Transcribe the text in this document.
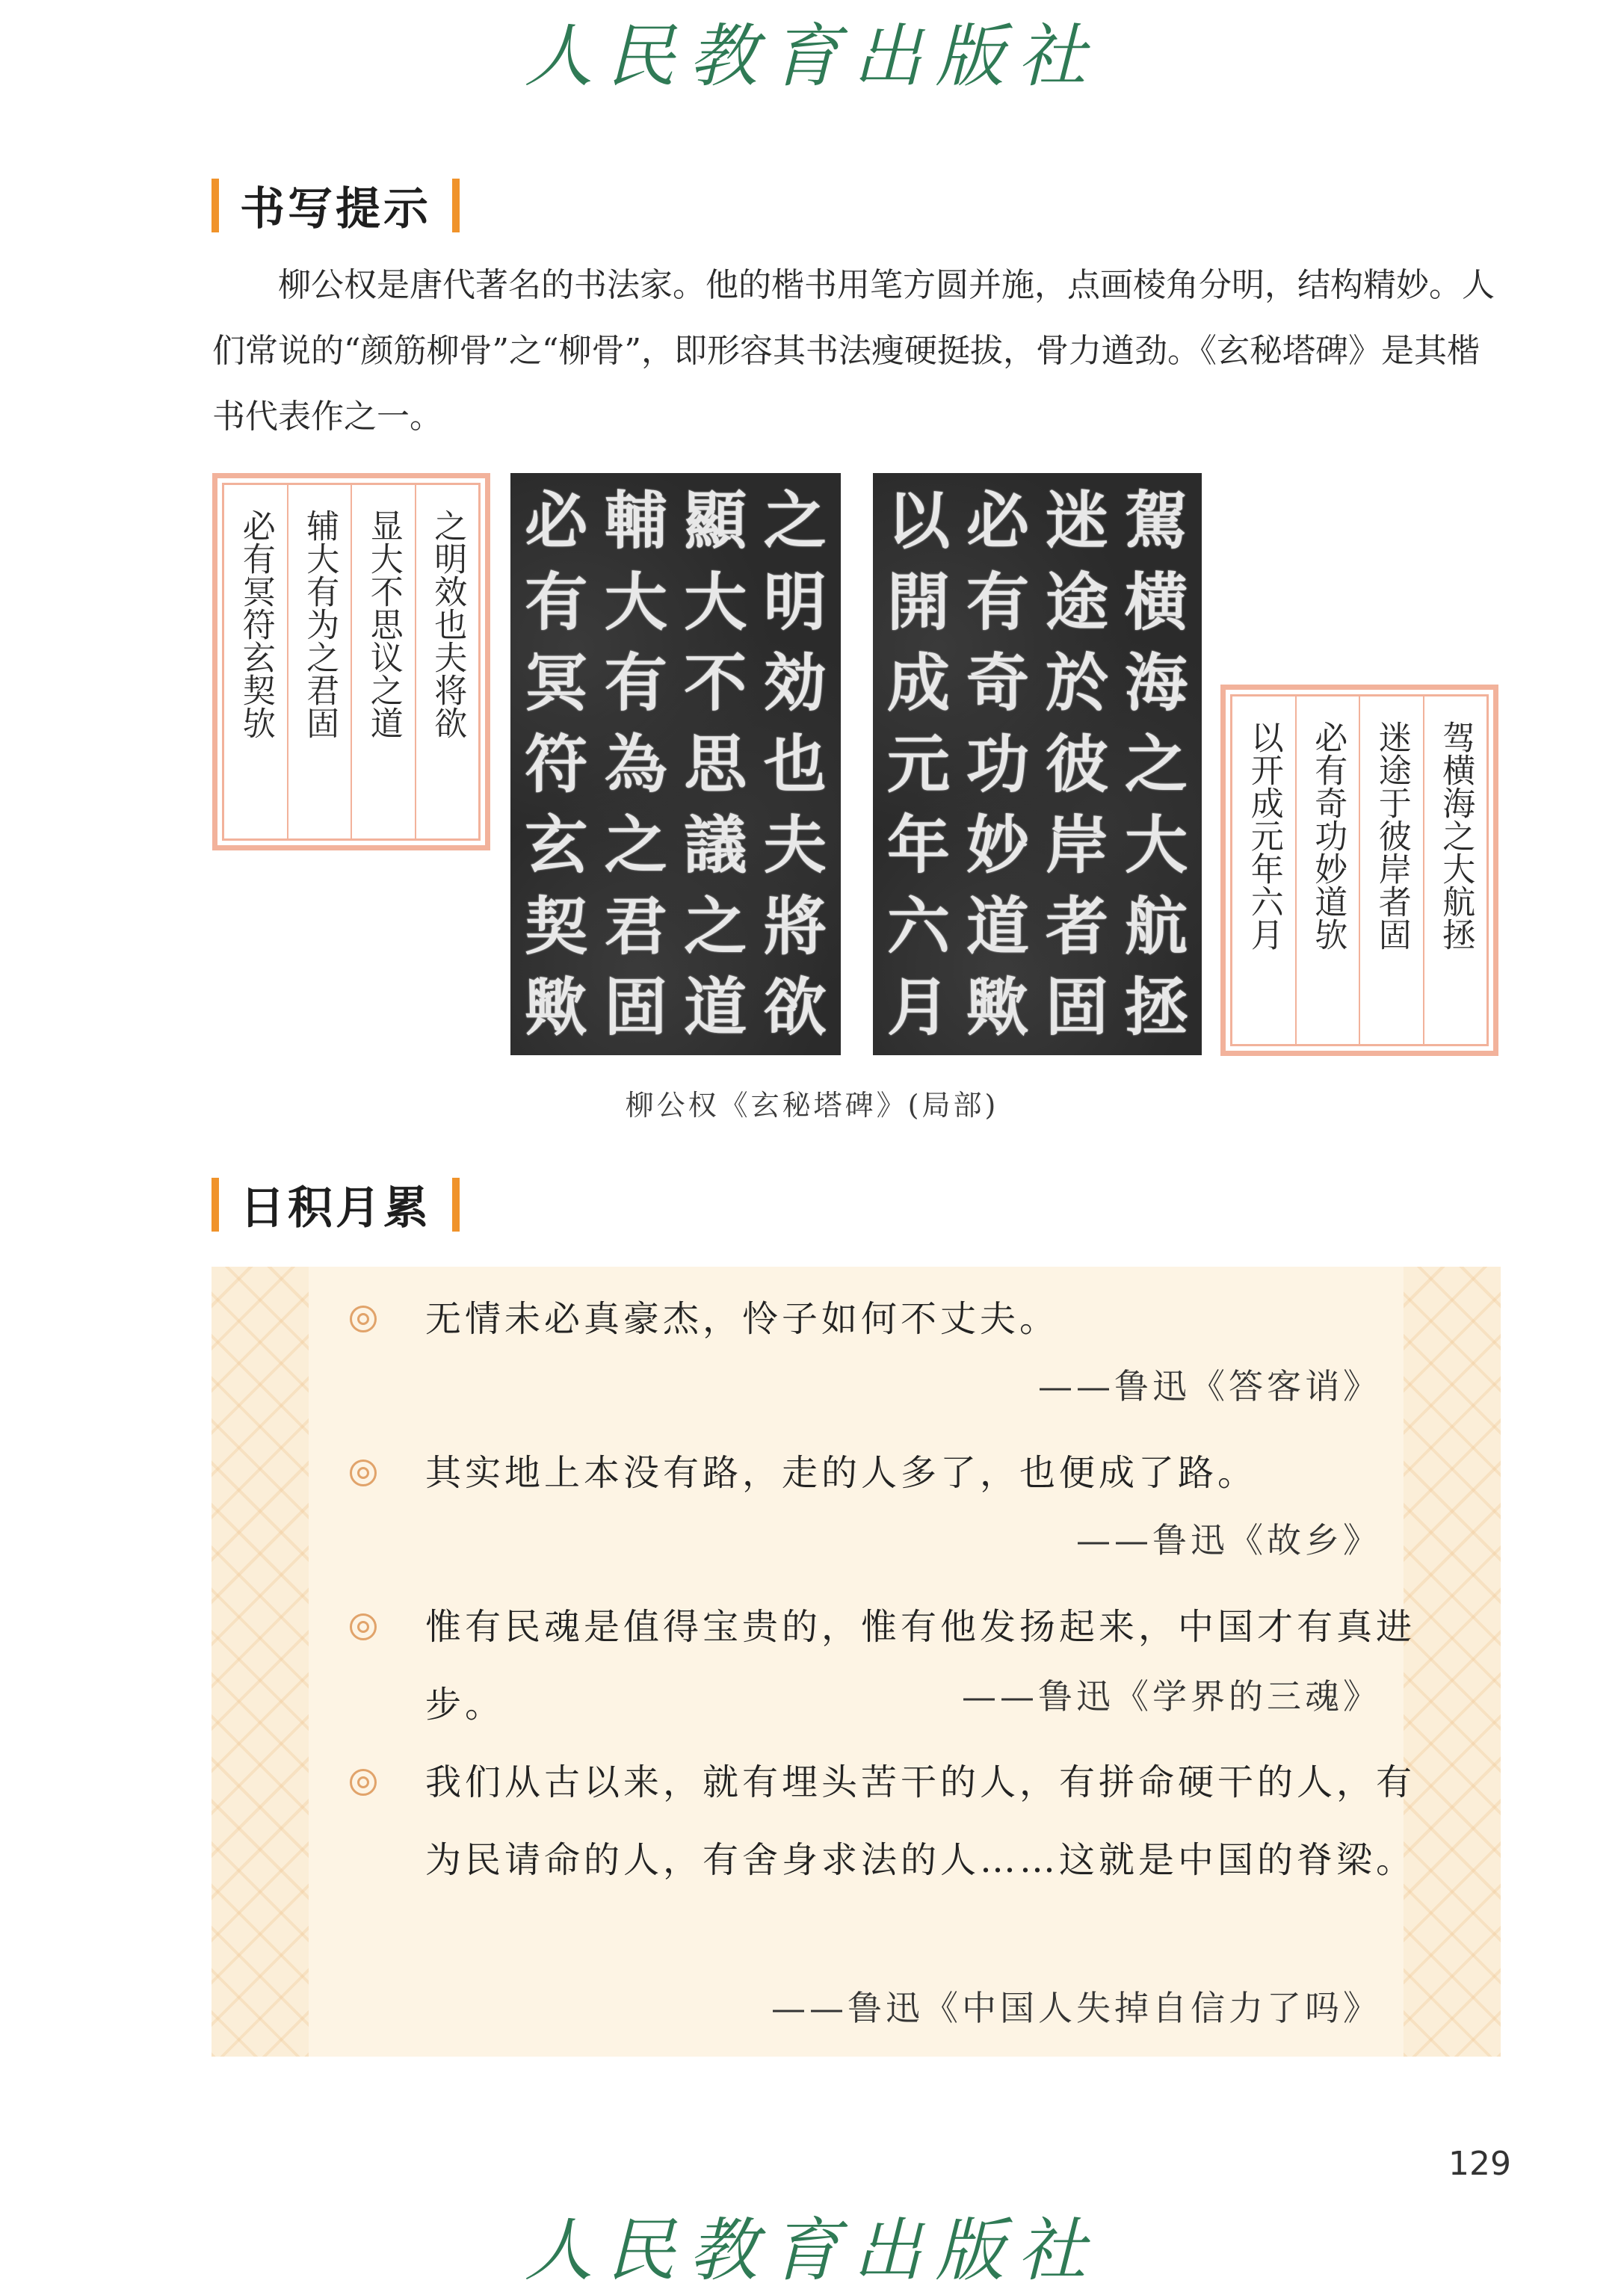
人民教育出版社
书写提示

柳公权是唐代著名的书法家。他的楷书用笔方圆并施，点画棱角分明，结构精妙。人们常说的“颜筋柳骨”之“柳骨”，即形容其书法瘦硬挺拔，骨力遒劲。《玄秘塔碑》是其楷书代表作之一。

必有冥符玄契欤 辅大有为之君固 显大不思议之道 之明效也夫将欲	之
明
効
也
夫
將
欲
顯
大
不
思
議
之
道
輔
大
有
為
之
君
固
必
有
冥
符
玄
契
歟
駕
横
海
之
大
航
拯
迷
途
於
彼
岸
者
固
必
有
奇
功
妙
道
歟
以
開
成
元
年
六
月
以开成元年六月 必有奇功妙道欤 迷途于彼岸者固 驾横海之大航拯
柳公权《玄秘塔碑》(局部)
日积月累
无情未必真豪杰，怜子如何不丈夫。
——鲁迅《答客诮》
其实地上本没有路，走的人多了，也便成了路。
——鲁迅《故乡》
惟有民魂是值得宝贵的，惟有他发扬起来，中国才有真进步。	——鲁迅《学界的三魂》
我们从古以来，就有埋头苦干的人，有拼命硬干的人，有为民请命的人，有舍身求法的人……这就是中国的脊梁。
——鲁迅《中国人失掉自信力了吗》
129
人民教育出版社
